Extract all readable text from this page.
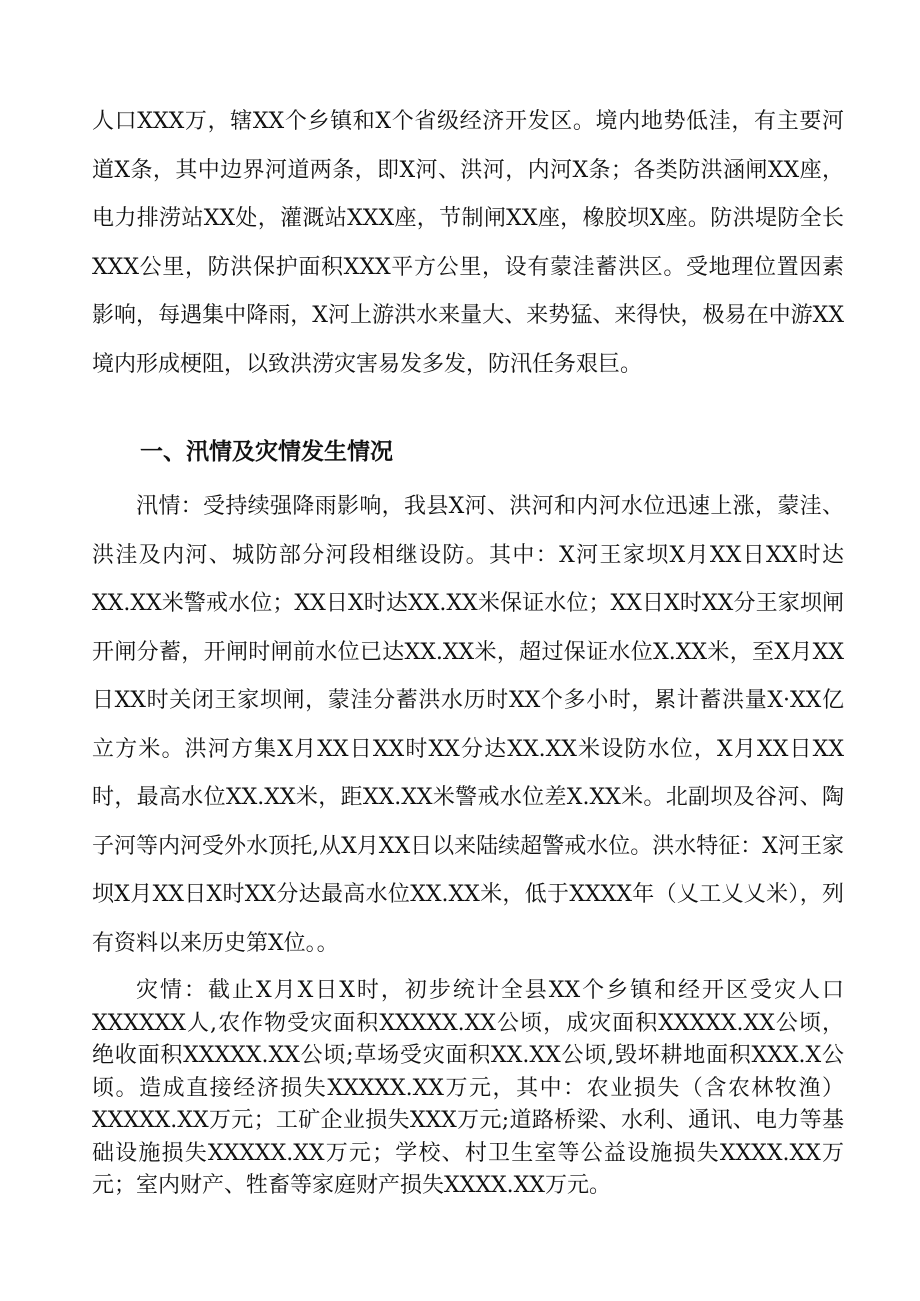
人口XXX万，辖XX个乡镇和X个省级经济开发区。境内地势低洼，有主要河道X条，其中边界河道两条，即X河、洪河，内河X条；各类防洪涵闸XX座，电力排涝站XX处，灌溉站XXX座，节制闸XX座，橡胶坝X座。防洪堤防全长XXX公里，防洪保护面积XXX平方公里，设有蒙洼蓄洪区。受地理位置因素影响，每遇集中降雨，X河上游洪水来量大、来势猛、来得快，极易在中游XX境内形成梗阻，以致洪涝灾害易发多发，防汛任务艰巨。

一、汛情及灾情发生情况

汛情：受持续强降雨影响，我县X河、洪河和内河水位迅速上涨，蒙洼、洪洼及内河、城防部分河段相继设防。其中：X河王家坝X月XX日XX时达XX.XX米警戒水位；XX日X时达XX.XX米保证水位；XX日X时XX分王家坝闸开闸分蓄，开闸时闸前水位已达XX.XX米，超过保证水位X.XX米，至X月XX日XX时关闭王家坝闸，蒙洼分蓄洪水历时XX个多小时，累计蓄洪量X·XX亿立方米。洪河方集X月XX日XX时XX分达XX.XX米设防水位，X月XX日XX时，最高水位XX.XX米，距XX.XX米警戒水位差X.XX米。北副坝及谷河、陶子河等内河受外水顶托,从X月XX日以来陆续超警戒水位。洪水特征：X河王家坝X月XX日X时XX分达最高水位XX.XX米，低于XXXX年（乂工乂乂米），列有资料以来历史第X位。。

灾情：截止X月X日X时，初步统计全县XX个乡镇和经开区受灾人口XXXXXX人,农作物受灾面积XXXXX.XX公顷，成灾面积XXXXX.XX公顷，绝收面积XXXXX.XX公顷;草场受灾面积XX.XX公顷,毁坏耕地面积XXX.X公顷。造成直接经济损失XXXXX.XX万元，其中：农业损失（含农林牧渔）XXXXX.XX万元；工矿企业损失XXX万元;道路桥梁、水利、通讯、电力等基础设施损失XXXXX.XX万元；学校、村卫生室等公益设施损失XXXX.XX万元；室内财产、牲畜等家庭财产损失XXXX.XX万元。
